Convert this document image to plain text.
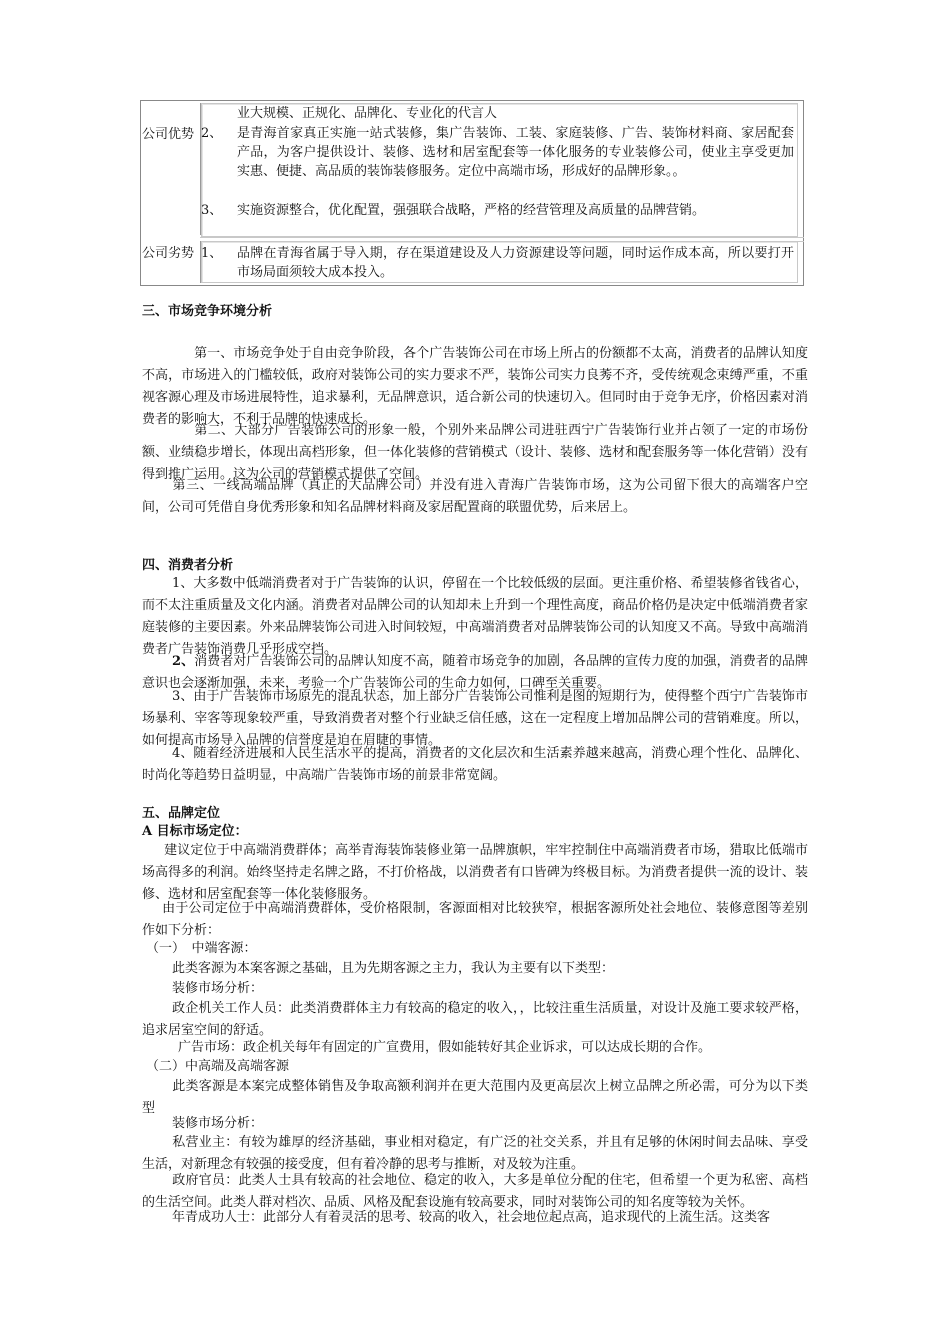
公司优势
业大规模、正规化、品牌化、专业化的代言人
2、	是青海首家真正实施一站式装修，集广告装饰、工装、家庭装修、广告、装饰材料商、家居配套产品，为客户提供设计、装修、选材和居室配套等一体化服务的专业装修公司，使业主享受更加实惠、便捷、高品质的装饰装修服务。定位中高端市场，形成好的品牌形象。。
3、	实施资源整合，优化配置，强强联合战略，严格的经营管理及高质量的品牌营销。
公司劣势 1、	品牌在青海省属于导入期，存在渠道建设及人力资源建设等问题，同时运作成本高，所以要打开市场局面须较大成本投入。
三、市场竞争环境分析
第一、市场竞争处于自由竞争阶段，各个广告装饰公司在市场上所占的份额都不太高，消费者的品牌认知度不高，市场进入的门槛较低，政府对装饰公司的实力要求不严，装饰公司实力良莠不齐，受传统观念束缚严重，不重视客源心理及市场进展特性，追求暴利，无品牌意识，适合新公司的快速切入。但同时由于竞争无序，价格因素对消费者的影响大，不利于品牌的快速成长。
第二、大部分广告装饰公司的形象一般，个别外来品牌公司进驻西宁广告装饰行业并占领了一定的市场份额、业绩稳步增长，体现出高档形象，但一体化装修的营销模式（设计、装修、选材和配套服务等一体化营销）没有得到推广运用。这为公司的营销模式提供了空间。
第三、一线高端品牌（真正的大品牌公司）并没有进入青海广告装饰市场，这为公司留下很大的高端客户空间，公司可凭借自身优秀形象和知名品牌材料商及家居配置商的联盟优势，后来居上。
四、消费者分析
1、大多数中低端消费者对于广告装饰的认识，停留在一个比较低级的层面。更注重价格、希望装修省钱省心，而不太注重质量及文化内涵。消费者对品牌公司的认知却未上升到一个理性高度，商品价格仍是决定中低端消费者家庭装修的主要因素。外来品牌装饰公司进入时间较短，中高端消费者对品牌装饰公司的认知度又不高。导致中高端消费者广告装饰消费几乎形成空挡。
2、消费者对广告装饰公司的品牌认知度不高，随着市场竞争的加剧，各品牌的宣传力度的加强，消费者的品牌意识也会逐渐加强，未来，考验一个广告装饰公司的生命力如何，口碑至关重要。
3、由于广告装饰市场原先的混乱状态，加上部分广告装饰公司惟利是图的短期行为，使得整个西宁广告装饰市场暴利、宰客等现象较严重，导致消费者对整个行业缺乏信任感，这在一定程度上增加品牌公司的营销难度。所以，如何提高市场导入品牌的信誉度是迫在眉睫的事情。
4、随着经济进展和人民生活水平的提高，消费者的文化层次和生活素养越来越高，消费心理个性化、品牌化、时尚化等趋势日益明显，中高端广告装饰市场的前景非常宽阔。
五、品牌定位
A 目标市场定位：
建议定位于中高端消费群体；高举青海装饰装修业第一品牌旗帜，牢牢控制住中高端消费者市场，猎取比低端市场高得多的利润。始终坚持走名牌之路，不打价格战，以消费者有口皆碑为终极目标。为消费者提供一流的设计、装修、选材和居室配套等一体化装修服务。
由于公司定位于中高端消费群体，受价格限制，客源面相对比较狭窄，根据客源所处社会地位、装修意图等差别作如下分析：
（一）　中端客源：
此类客源为本案客源之基础，且为先期客源之主力，我认为主要有以下类型：
装修市场分析：
政企机关工作人员：此类消费群体主力有较高的稳定的收入，，比较注重生活质量，对设计及施工要求较严格，追求居室空间的舒适。
广告市场：政企机关每年有固定的广宣费用，假如能转好其企业诉求，可以达成长期的合作。
（二）中高端及高端客源
此类客源是本案完成整体销售及争取高额利润并在更大范围内及更高层次上树立品牌之所必需，可分为以下类型
装修市场分析：
私营业主：有较为雄厚的经济基础，事业相对稳定，有广泛的社交关系，并且有足够的休闲时间去品味、享受生活，对新理念有较强的接受度，但有着冷静的思考与推断，对及较为注重。
政府官员：此类人士具有较高的社会地位、稳定的收入，大多是单位分配的住宅，但希望一个更为私密、高档的生活空间。此类人群对档次、品质、风格及配套设施有较高要求，同时对装饰公司的知名度等较为关怀。
年青成功人士：此部分人有着灵活的思考、较高的收入，社会地位起点高，追求现代的上流生活。这类客
